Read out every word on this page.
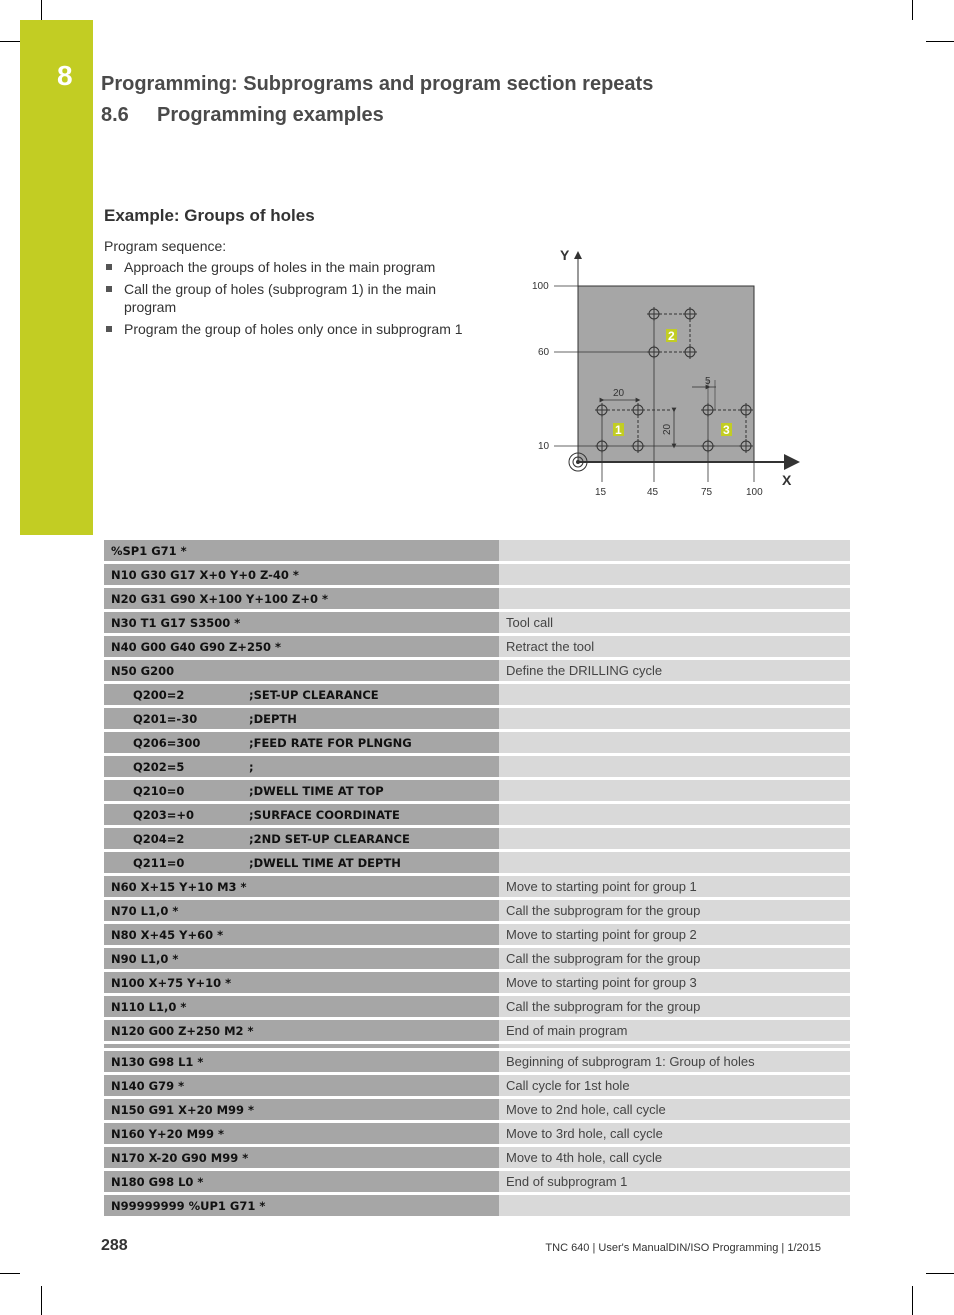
8 Programming: Subprograms and program section repeats
8.6 Programming examples
Example: Groups of holes
Program sequence:
Approach the groups of holes in the main program
Call the group of holes (subprogram 1) in the main program
Program the group of holes only once in subprogram 1
Y
X
100
60
10
15	45	75	100
20
20
5
1
2
3
%SP1 G71 *	
N10 G30 G17 X+0 Y+0 Z-40 *	
N20 G31 G90 X+100 Y+100 Z+0 *	
N30 T1 G17 S3500 *	Tool call
N40 G00 G40 G90 Z+250 *	Retract the tool
N50 G200	Define the DRILLING cycle
Q200=2 ;SET-UP CLEARANCE	
Q201=-30 ;DEPTH	
Q206=300 ;FEED RATE FOR PLNGNG	
Q202=5 ;	
Q210=0 ;DWELL TIME AT TOP	
Q203=+0 ;SURFACE COORDINATE	
Q204=2 ;2ND SET-UP CLEARANCE	
Q211=0 ;DWELL TIME AT DEPTH	
N60 X+15 Y+10 M3 *	Move to starting point for group 1
N70 L1,0 *	Call the subprogram for the group
N80 X+45 Y+60 *	Move to starting point for group 2
N90 L1,0 *	Call the subprogram for the group
N100 X+75 Y+10 *	Move to starting point for group 3
N110 L1,0 *	Call the subprogram for the group
N120 G00 Z+250 M2 *	End of main program

N130 G98 L1 *	Beginning of subprogram 1: Group of holes
N140 G79 *	Call cycle for 1st hole
N150 G91 X+20 M99 *	Move to 2nd hole, call cycle
N160 Y+20 M99 *	Move to 3rd hole, call cycle
N170 X-20 G90 M99 *	Move to 4th hole, call cycle
N180 G98 L0 *	End of subprogram 1
N99999999 %UP1 G71 *	
288	TNC 640 | User's ManualDIN/ISO Programming | 1/2015
